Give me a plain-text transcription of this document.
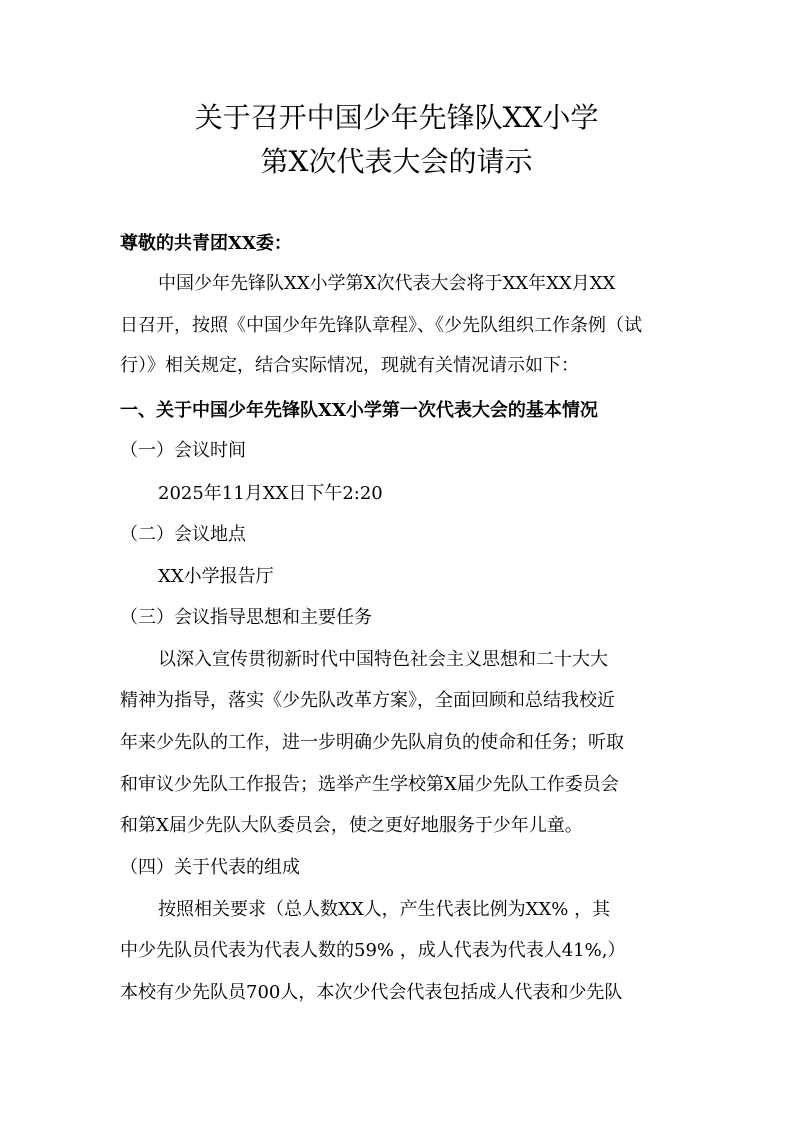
关于召开中国少年先锋队XX小学
第X次代表大会的请示
尊敬的共青团XX委：
中国少年先锋队XX小学第X次代表大会将于XX年XX月XX
日召开，按照《中国少年先锋队章程》、《少先队组织工作条例（试
行）》相关规定，结合实际情况，现就有关情况请示如下：
一、关于中国少年先锋队XX小学第一次代表大会的基本情况
（一）会议时间
2025年11月XX日下午2:20
（二）会议地点
XX小学报告厅
（三）会议指导思想和主要任务
以深入宣传贯彻新时代中国特色社会主义思想和二十大大
精神为指导，落实《少先队改革方案》，全面回顾和总结我校近
年来少先队的工作，进一步明确少先队肩负的使命和任务；听取
和审议少先队工作报告；选举产生学校第X届少先队工作委员会
和第X届少先队大队委员会，使之更好地服务于少年儿童。
（四）关于代表的组成
按照相关要求（总人数XX人，产生代表比例为XX% ，其
中少先队员代表为代表人数的59% ，成人代表为代表人41%,）
本校有少先队员700人，本次少代会代表包括成人代表和少先队
